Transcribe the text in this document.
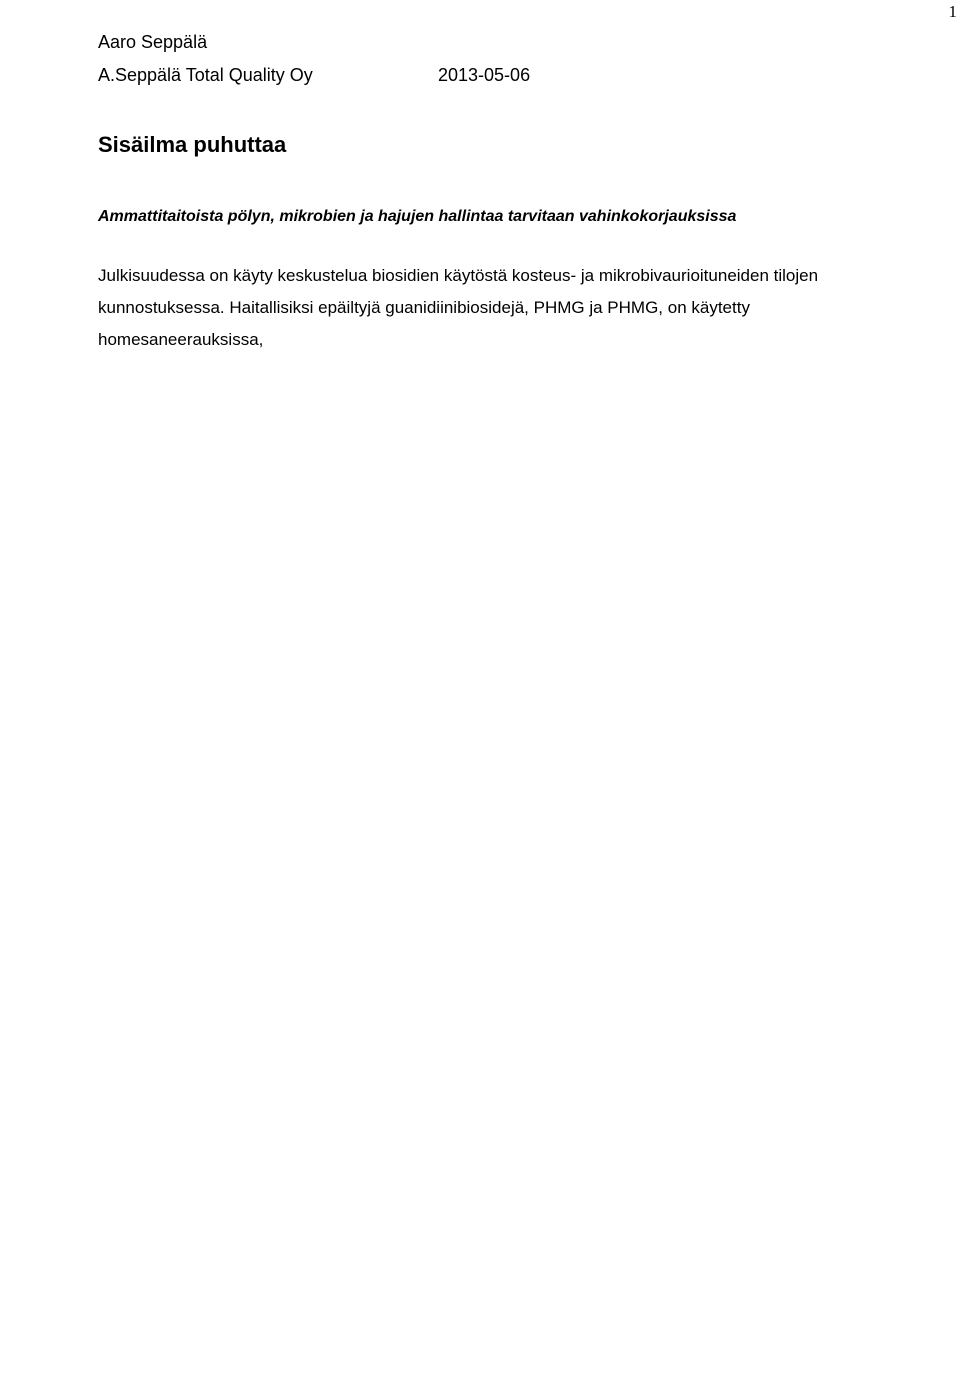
1
Aaro Seppälä
A.Seppälä Total Quality Oy	2013-05-06
Sisäilma puhuttaa
Ammattitaitoista pölyn, mikrobien ja hajujen hallintaa tarvitaan vahinkokorjauksissa

Julkisuudessa on käyty keskustelua biosidien käytöstä kosteus- ja mikrobivaurioituneiden tilojen

kunnostuksessa. Haitallisiksi epäiltyjä guanidiinibiosidejä, PHMG ja PHMG, on käytetty

homesaneerauksissa,
